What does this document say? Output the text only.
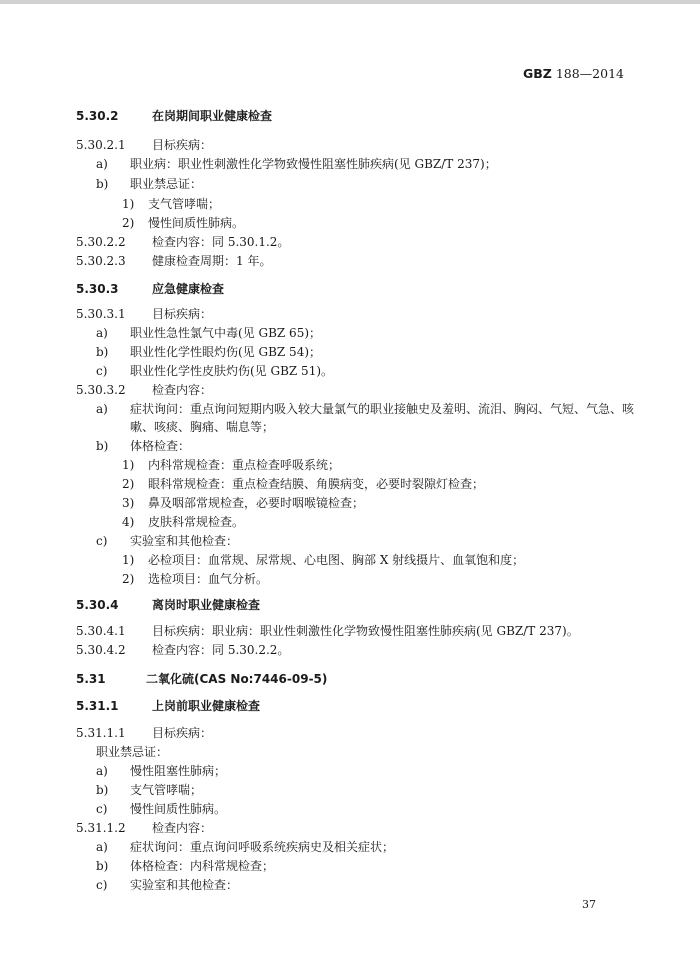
GBZ 188—2014
5.30.2	在岗期间职业健康检查
5.30.2.1 目标疾病：
a) 职业病：职业性刺激性化学物致慢性阻塞性肺疾病(见 GBZ/T 237)；
b) 职业禁忌证：
1) 支气管哮喘；
2) 慢性间质性肺病。
5.30.2.2 检查内容：同 5.30.1.2。
5.30.2.3 健康检查周期：1 年。
5.30.3	应急健康检查
5.30.3.1 目标疾病：
a) 职业性急性氯气中毒(见 GBZ 65)；
b) 职业性化学性眼灼伤(见 GBZ 54)；
c) 职业性化学性皮肤灼伤(见 GBZ 51)。
5.30.3.2 检查内容：
a) 症状询问：重点询问短期内吸入较大量氯气的职业接触史及羞明、流泪、胸闷、气短、气急、咳
嗽、咳痰、胸痛、喘息等；
b) 体格检查：
1) 内科常规检查：重点检查呼吸系统；
2) 眼科常规检查：重点检查结膜、角膜病变，必要时裂隙灯检查；
3) 鼻及咽部常规检查，必要时咽喉镜检查；
4) 皮肤科常规检查。
c) 实验室和其他检查：
1) 必检项目：血常规、尿常规、心电图、胸部 X 射线摄片、血氧饱和度；
2) 选检项目：血气分析。
5.30.4	离岗时职业健康检查
5.30.4.1 目标疾病：职业病：职业性刺激性化学物致慢性阻塞性肺疾病(见 GBZ/T 237)。
5.30.4.2 检查内容：同 5.30.2.2。
5.31	二氧化硫(CAS No:7446-09-5)
5.31.1	上岗前职业健康检查
5.31.1.1 目标疾病：
职业禁忌证：
a) 慢性阻塞性肺病；
b) 支气管哮喘；
c) 慢性间质性肺病。
5.31.1.2 检查内容：
a) 症状询问：重点询问呼吸系统疾病史及相关症状；
b) 体格检查：内科常规检查；
c) 实验室和其他检查：
37
